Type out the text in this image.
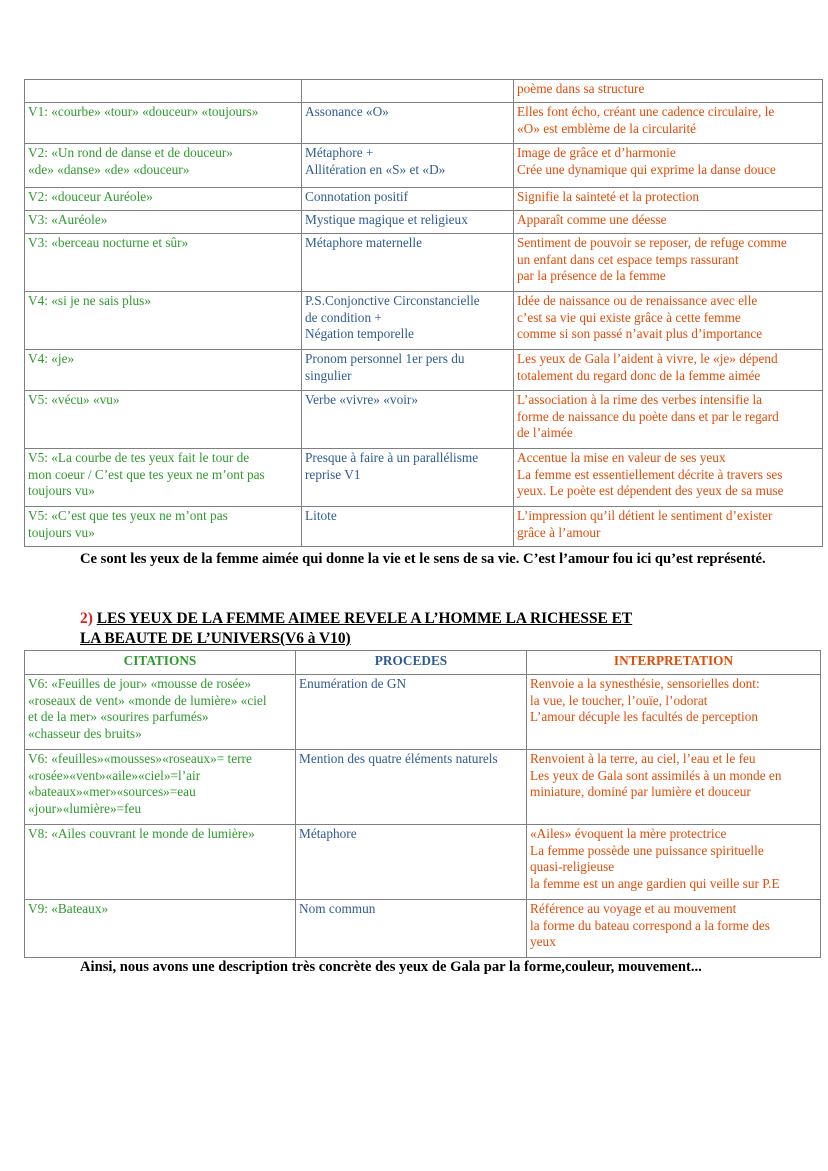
		poème dans sa structure
V1: «courbe» «tour» «douceur» «toujours»	Assonance «O»	Elles font écho, créant une cadence circulaire, le
«O» est emblème de la circularité
V2: «Un rond de danse et de douceur»
«de» «danse» «de» «douceur»	Métaphore +
Allitération en «S» et «D»	Image de grâce et d’harmonie
Crée une dynamique qui exprime la danse douce
V2: «douceur Auréole»	Connotation positif	Signifie la sainteté et la protection
V3: «Auréole»	Mystique magique et religieux	Apparaît comme une déesse
V3: «berceau nocturne et sûr»	Métaphore maternelle	Sentiment de pouvoir se reposer, de refuge comme
un enfant dans cet espace temps rassurant
par la présence de la femme
V4: «si je ne sais plus»	P.S.Conjonctive Circonstancielle
de condition +
Négation temporelle	Idée de naissance ou de renaissance avec elle
c’est sa vie qui existe grâce à cette femme
comme si son passé n’avait plus d’importance
V4: «je»	Pronom personnel 1er pers du
singulier	Les yeux de Gala l’aident à vivre, le «je» dépend
totalement du regard donc de la femme aimée
V5: «vécu» «vu»	Verbe «vivre» «voir»	L’association à la rime des verbes intensifie la
forme de naissance du poète dans et par le regard
de l’aimée
V5: «La courbe de tes yeux fait le tour de
mon coeur / C’est que tes yeux ne m’ont pas
toujours vu»	Presque à faire à un parallélisme
reprise V1	Accentue la mise en valeur de ses yeux
La femme est essentiellement décrite à travers ses
yeux. Le poète est dépendent des yeux de sa muse
V5: «C’est que tes yeux ne m’ont pas
toujours vu»	Litote	L’impression qu’il détient le sentiment d’exister
grâce à l’amour
Ce sont les yeux de la femme aimée qui donne la vie et le sens de sa vie. C’est l’amour fou ici qu’est représenté.
2) LES YEUX DE LA FEMME AIMEE REVELE A L’HOMME LA RICHESSE ET
LA BEAUTE DE L’UNIVERS(V6 à V10)
CITATIONS	PROCEDES	INTERPRETATION
V6: «Feuilles de jour» «mousse de rosée»
«roseaux de vent» «monde de lumière» «ciel
et de la mer» «sourires parfumés»
«chasseur des bruits»	Enumération de GN	Renvoie a la synesthésie, sensorielles dont:
la vue, le toucher, l’ouïe, l’odorat
L’amour décuple les facultés de perception
V6: «feuilles»«mousses»«roseaux»= terre
«rosée»«vent»«aile»«ciel»=l’air
«bateaux»«mer»«sources»=eau
«jour»«lumière»=feu	Mention des quatre éléments naturels	Renvoient à la terre, au ciel, l’eau et le feu
Les yeux de Gala sont assimilés à un monde en
miniature, dominé par lumière et douceur
V8: «Ailes couvrant le monde de lumière»	Métaphore	«Ailes» évoquent la mère protectrice
La femme possède une puissance spirituelle
quasi-religieuse
la femme est un ange gardien qui veille sur P.E
V9: «Bateaux»	Nom commun	Référence au voyage et au mouvement
la forme du bateau correspond a la forme des
yeux
Ainsi, nous avons une description très concrète des yeux de Gala par la forme,couleur, mouvement...
